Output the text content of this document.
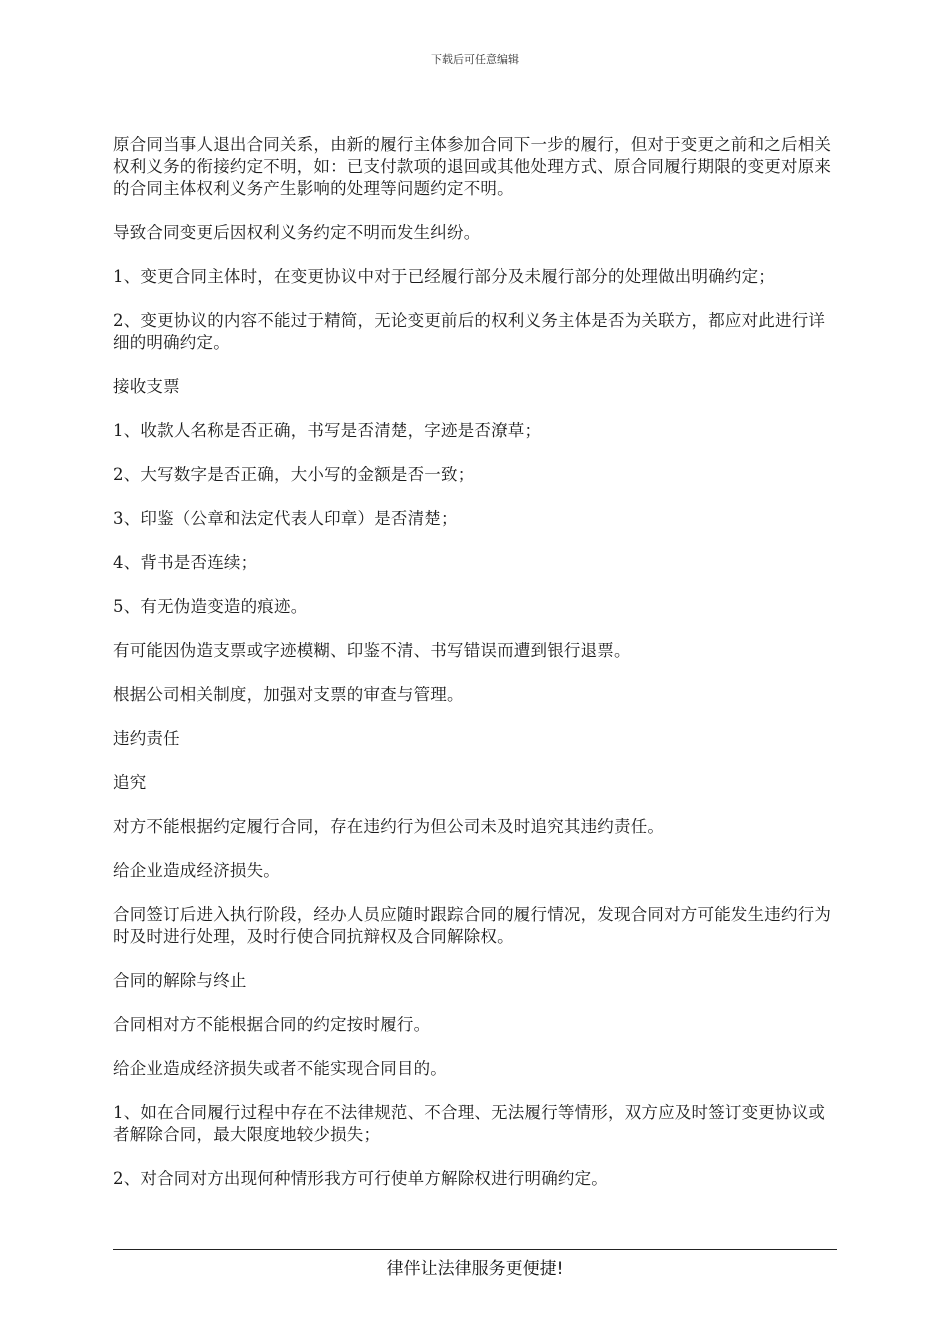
下载后可任意编辑

原合同当事人退出合同关系，由新的履行主体参加合同下一步的履行，但对于变更之前和之后相关权利义务的衔接约定不明，如：已支付款项的退回或其他处理方式、原合同履行期限的变更对原来的合同主体权利义务产生影响的处理等问题约定不明。

导致合同变更后因权利义务约定不明而发生纠纷。

1、变更合同主体时，在变更协议中对于已经履行部分及未履行部分的处理做出明确约定；

2、变更协议的内容不能过于精简，无论变更前后的权利义务主体是否为关联方，都应对此进行详细的明确约定。

接收支票

1、收款人名称是否正确，书写是否清楚，字迹是否潦草；

2、大写数字是否正确，大小写的金额是否一致；

3、印鉴（公章和法定代表人印章）是否清楚；

4、背书是否连续；

5、有无伪造变造的痕迹。

有可能因伪造支票或字迹模糊、印鉴不清、书写错误而遭到银行退票。

根据公司相关制度，加强对支票的审查与管理。

违约责任

追究

对方不能根据约定履行合同，存在违约行为但公司未及时追究其违约责任。

给企业造成经济损失。

合同签订后进入执行阶段，经办人员应随时跟踪合同的履行情况，发现合同对方可能发生违约行为时及时进行处理，及时行使合同抗辩权及合同解除权。

合同的解除与终止

合同相对方不能根据合同的约定按时履行。

给企业造成经济损失或者不能实现合同目的。

1、如在合同履行过程中存在不法律规范、不合理、无法履行等情形，双方应及时签订变更协议或者解除合同，最大限度地较少损失；

2、对合同对方出现何种情形我方可行使单方解除权进行明确约定。

律伴让法律服务更便捷!
